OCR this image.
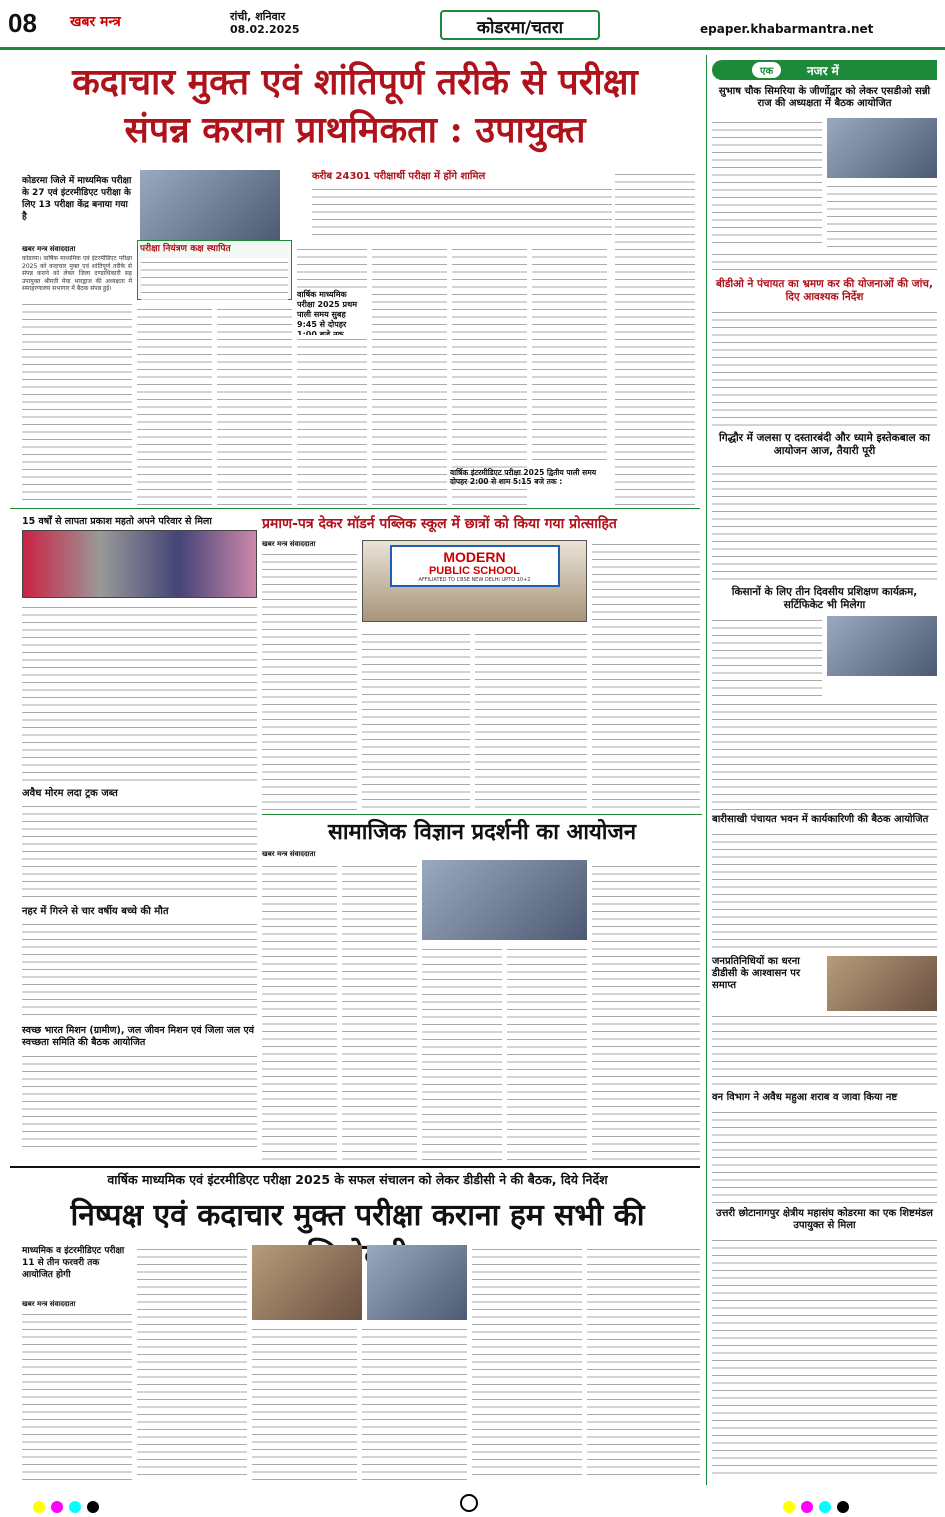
08 खबर मन्त्र	रांची, शनिवार
08.02.2025	कोडरमा/चतरा	epaper.khabarmantra.net
कदाचार मुक्त एवं शांतिपूर्ण तरीके से परीक्षा
संपन्न कराना प्राथमिकता : उपायुक्त
कोडरमा जिले में माध्यमिक परीक्षा के 27 एवं इंटरमीडिएट परीक्षा के लिए 13 परीक्षा केंद्र बनाया गया है
खबर मन्त्र संवाददाता
कोडरमा। वार्षिक माध्यमिक एवं इंटरमीडिएट परीक्षा 2025 को कदाचार मुक्त एवं शांतिपूर्ण तरीके से संपन्न कराने को लेकर जिला दण्डाधिकारी सह उपायुक्त श्रीमती मेघा भारद्वाज की अध्यक्षता में समाहरणालय सभागार में बैठक संपन्न हुई।
परीक्षा नियंत्रण कक्ष स्थापित
वार्षिक माध्यमिक परीक्षा 2025 प्रथम पाली समय सुबह 9:45 से दोपहर
करीब 24301 परीक्षार्थी परीक्षा में होंगे शामिल
वार्षिक इंटरमीडिएट परीक्षा 2025 द्वितीय पाली समय दोपहर 2:00 से शाम 5:15 बजे तक :
15 वर्षों से लापता प्रकाश महतो अपने परिवार से मिला
अवैध मोरम लदा ट्रक जब्त
नहर में गिरने से चार वर्षीय बच्चे की मौत
स्वच्छ भारत मिशन (ग्रामीण), जल जीवन मिशन एवं जिला जल एवं स्वच्छता समिति की बैठक आयोजित
प्रमाण-पत्र देकर मॉडर्न पब्लिक स्कूल में छात्रों को किया गया प्रोत्साहित
खबर मन्त्र संवाददाता
MODERN
PUBLIC SCHOOL
AFFILIATED TO CBSE NEW DELHI UPTO 10+2
सामाजिक विज्ञान प्रदर्शनी का आयोजन
खबर मन्त्र संवाददाता
वार्षिक माध्यमिक एवं इंटरमीडिएट परीक्षा 2025 के सफल संचालन को लेकर डीडीसी ने की बैठक, दिये निर्देश
निष्पक्ष एवं कदाचार मुक्त परीक्षा कराना हम सभी की
माध्यमिक व इंटरमीडिएट परीक्षा 11 से तीन फरवरी तक आयोजित होगी
खबर मन्त्र संवाददाता
एक	नजर में
सुभाष चौक सिमरिया के जीर्णोद्वार को लेकर एसडीओ सन्नी राज की अध्यक्षता में बैठक आयोजित
बीडीओ ने पंचायत का भ्रमण कर की योजनाओं की जांच, दिए आवश्यक निर्देश
गिद्धौर में जलसा ए दस्तारबंदी और ध्यामे इस्तेकबाल का आयोजन आज, तैयारी पूरी
किसानों के लिए तीन दिवसीय प्रशिक्षण कार्यक्रम, सर्टिफिकेट भी मिलेगा
बारीसाखी पंचायत भवन में कार्यकारिणी की बैठक आयोजित
जनप्रतिनिधियों का धरना डीडीसी के आश्वासन पर समाप्त
वन विभाग ने अवैध महुआ शराब व जावा किया नष्ट
उत्तरी छोटानागपुर क्षेत्रीय महासंघ कोडरमा का एक शिष्टमंडल उपायुक्त से मिला
